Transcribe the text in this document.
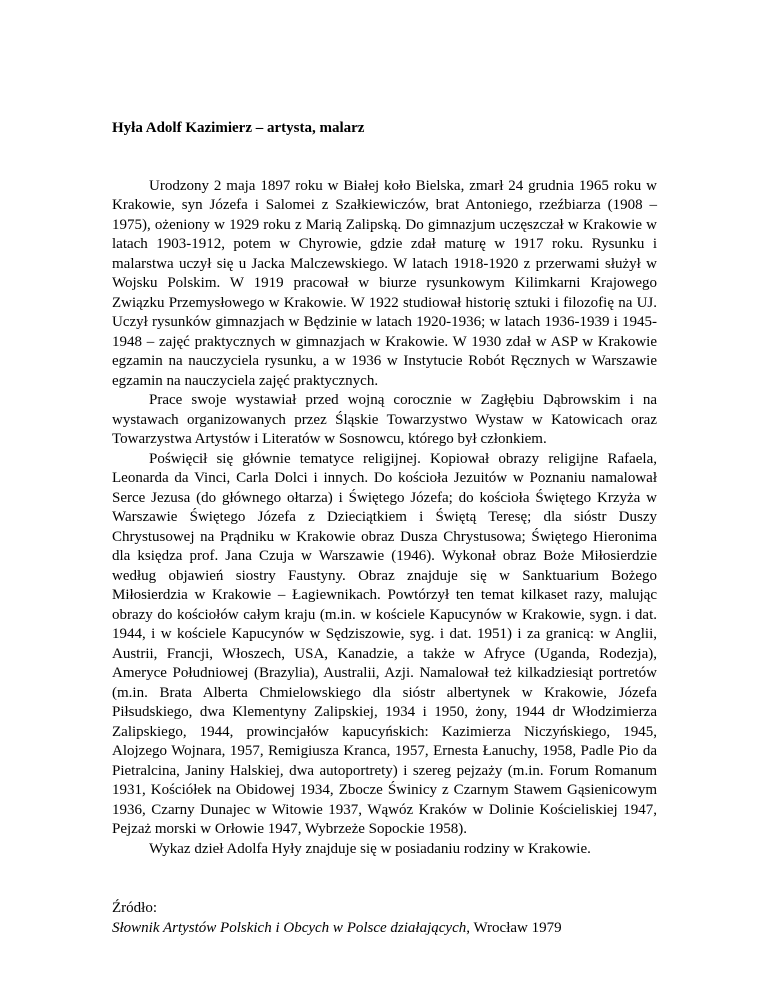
Hyła Adolf Kazimierz – artysta, malarz

Urodzony 2 maja 1897 roku w Białej koło Bielska, zmarł 24 grudnia 1965 roku w Krakowie, syn Józefa i Salomei z Szałkiewiczów, brat Antoniego, rzeźbiarza (1908 – 1975), ożeniony w 1929 roku z Marią Zalipską. Do gimnazjum uczęszczał w Krakowie w latach 1903-1912, potem w Chyrowie, gdzie zdał maturę w 1917 roku. Rysunku i malarstwa uczył się u Jacka Malczewskiego. W latach 1918-1920 z przerwami służył w Wojsku Polskim. W 1919 pracował w biurze rysunkowym Kilimkarni Krajowego Związku Przemysłowego w Krakowie. W 1922 studiował historię sztuki i filozofię na UJ. Uczył rysunków gimnazjach w Będzinie w latach 1920-1936; w latach 1936-1939 i 1945-1948 – zajęć praktycznych w gimnazjach w Krakowie. W 1930 zdał w ASP w Krakowie egzamin na nauczyciela rysunku, a w 1936 w Instytucie Robót Ręcznych w Warszawie egzamin na nauczyciela zajęć praktycznych.

Prace swoje wystawiał przed wojną corocznie w Zagłębiu Dąbrowskim i na wystawach organizowanych przez Śląskie Towarzystwo Wystaw w Katowicach oraz Towarzystwa Artystów i Literatów w Sosnowcu, którego był członkiem.

Poświęcił się głównie tematyce religijnej. Kopiował obrazy religijne Rafaela, Leonarda da Vinci, Carla Dolci i innych. Do kościoła Jezuitów w Poznaniu namalował Serce Jezusa (do głównego ołtarza) i Świętego Józefa; do kościoła Świętego Krzyża w Warszawie Świętego Józefa z Dzieciątkiem i Świętą Teresę; dla sióstr Duszy Chrystusowej na Prądniku w Krakowie obraz Dusza Chrystusowa; Świętego Hieronima dla księdza prof. Jana Czuja w Warszawie (1946). Wykonał obraz Boże Miłosierdzie według objawień siostry Faustyny. Obraz znajduje się w Sanktuarium Bożego Miłosierdzia w Krakowie – Łagiewnikach. Powtórzył ten temat kilkaset razy, malując obrazy do kościołów całym kraju (m.in. w kościele Kapucynów w Krakowie, sygn. i dat. 1944, i w kościele Kapucynów w Sędziszowie, syg. i dat. 1951) i za granicą: w Anglii, Austrii, Francji, Włoszech, USA, Kanadzie, a także w Afryce (Uganda, Rodezja), Ameryce Południowej (Brazylia), Australii, Azji. Namalował też kilkadziesiąt portretów (m.in. Brata Alberta Chmielowskiego dla sióstr albertynek w Krakowie, Józefa Piłsudskiego, dwa Klementyny Zalipskiej, 1934 i 1950, żony, 1944 dr Włodzimierza Zalipskiego, 1944, prowincjałów kapucyńskich: Kazimierza Niczyńskiego, 1945, Alojzego Wojnara, 1957, Remigiusza Kranca, 1957, Ernesta Łanuchy, 1958, Padle Pio da Pietralcina, Janiny Halskiej, dwa autoportrety) i szereg pejzaży (m.in. Forum Romanum 1931, Kościółek na Obidowej 1934, Zbocze Świnicy z Czarnym Stawem Gąsienicowym 1936, Czarny Dunajec w Witowie 1937, Wąwóz Kraków w Dolinie Kościeliskiej 1947, Pejzaż morski w Orłowie 1947, Wybrzeże Sopockie 1958).

Wykaz dzieł Adolfa Hyły znajduje się w posiadaniu rodziny w Krakowie.

Źródło:

Słownik Artystów Polskich i Obcych w Polsce działających, Wrocław 1979
